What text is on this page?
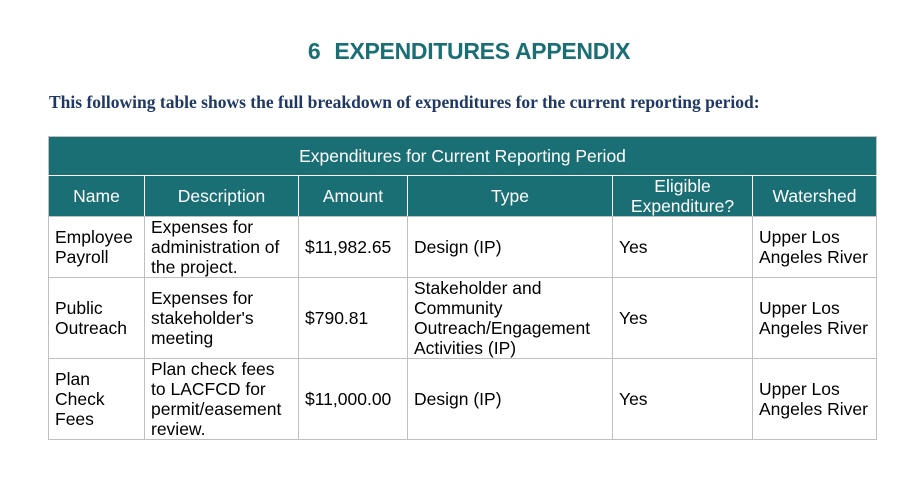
6 EXPENDITURES APPENDIX
This following table shows the full breakdown of expenditures for the current reporting period:
Expenditures for Current Reporting Period					
Name	Description	Amount	Type	Eligible Expenditure?	Watershed
Employee Payroll	Expenses for administration of the project.	$11,982.65	Design (IP)	Yes	Upper Los Angeles River
Public Outreach	Expenses for stakeholder's meeting	$790.81	Stakeholder and Community Outreach/Engagement Activities (IP)	Yes	Upper Los Angeles River
Plan Check Fees	Plan check fees to LACFCD for permit/easement review.	$11,000.00	Design (IP)	Yes	Upper Los Angeles River
